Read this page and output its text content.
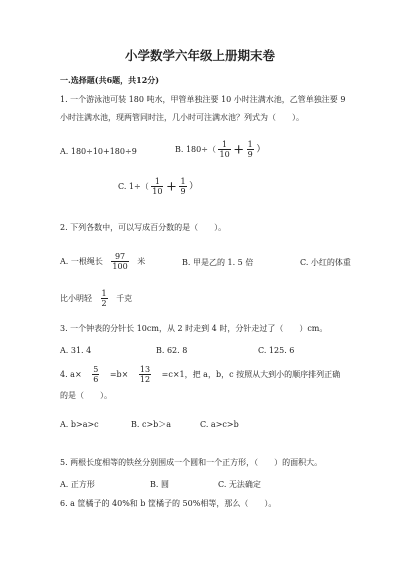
小学数学六年级上册期末卷
一.选择题(共6题，共12分)
1. 一个游泳池可装 180 吨水，甲管单独注要 10 小时注满水池，乙管单独注要 9
小时注满水池，现两管同时注，几小时可注满水池？列式为（　　）。
A. 180÷10+180÷9	B. $180\div( \frac{1}{10} + \frac{1}{9}$ ）
C. $1\div( \frac{1}{10} + \frac{1}{9}$ ）
2. 下列各数中，可以写成百分数的是（　　）。
A. 一根绳长 $\frac{97}{100}$ 米	B. 甲是乙的 1. 5 倍	C. 小红的体重
比小明轻 $\frac{1}{2}$ 千克
3. 一个钟表的分针长 10cm，从 2 时走到 4 时，分针走过了（　　）cm。
A. 31. 4	B. 62. 8	C. 125. 6
4. $a\times \frac{5}{6} =b\times \frac{13}{12} =c\times 1$，把 a，b，c 按照从大到小的顺序排列正确
的是（　　）。
A. b>a>c	B. c>b＞a	C. a>c>b
5. 两根长度相等的铁丝分别围成一个圆和一个正方形，（　　）的面积大。
A. 正方形	B. 圆	C. 无法确定
6. a 筐橘子的 40%和 b 筐橘子的 50%相等，那么（　　）。
